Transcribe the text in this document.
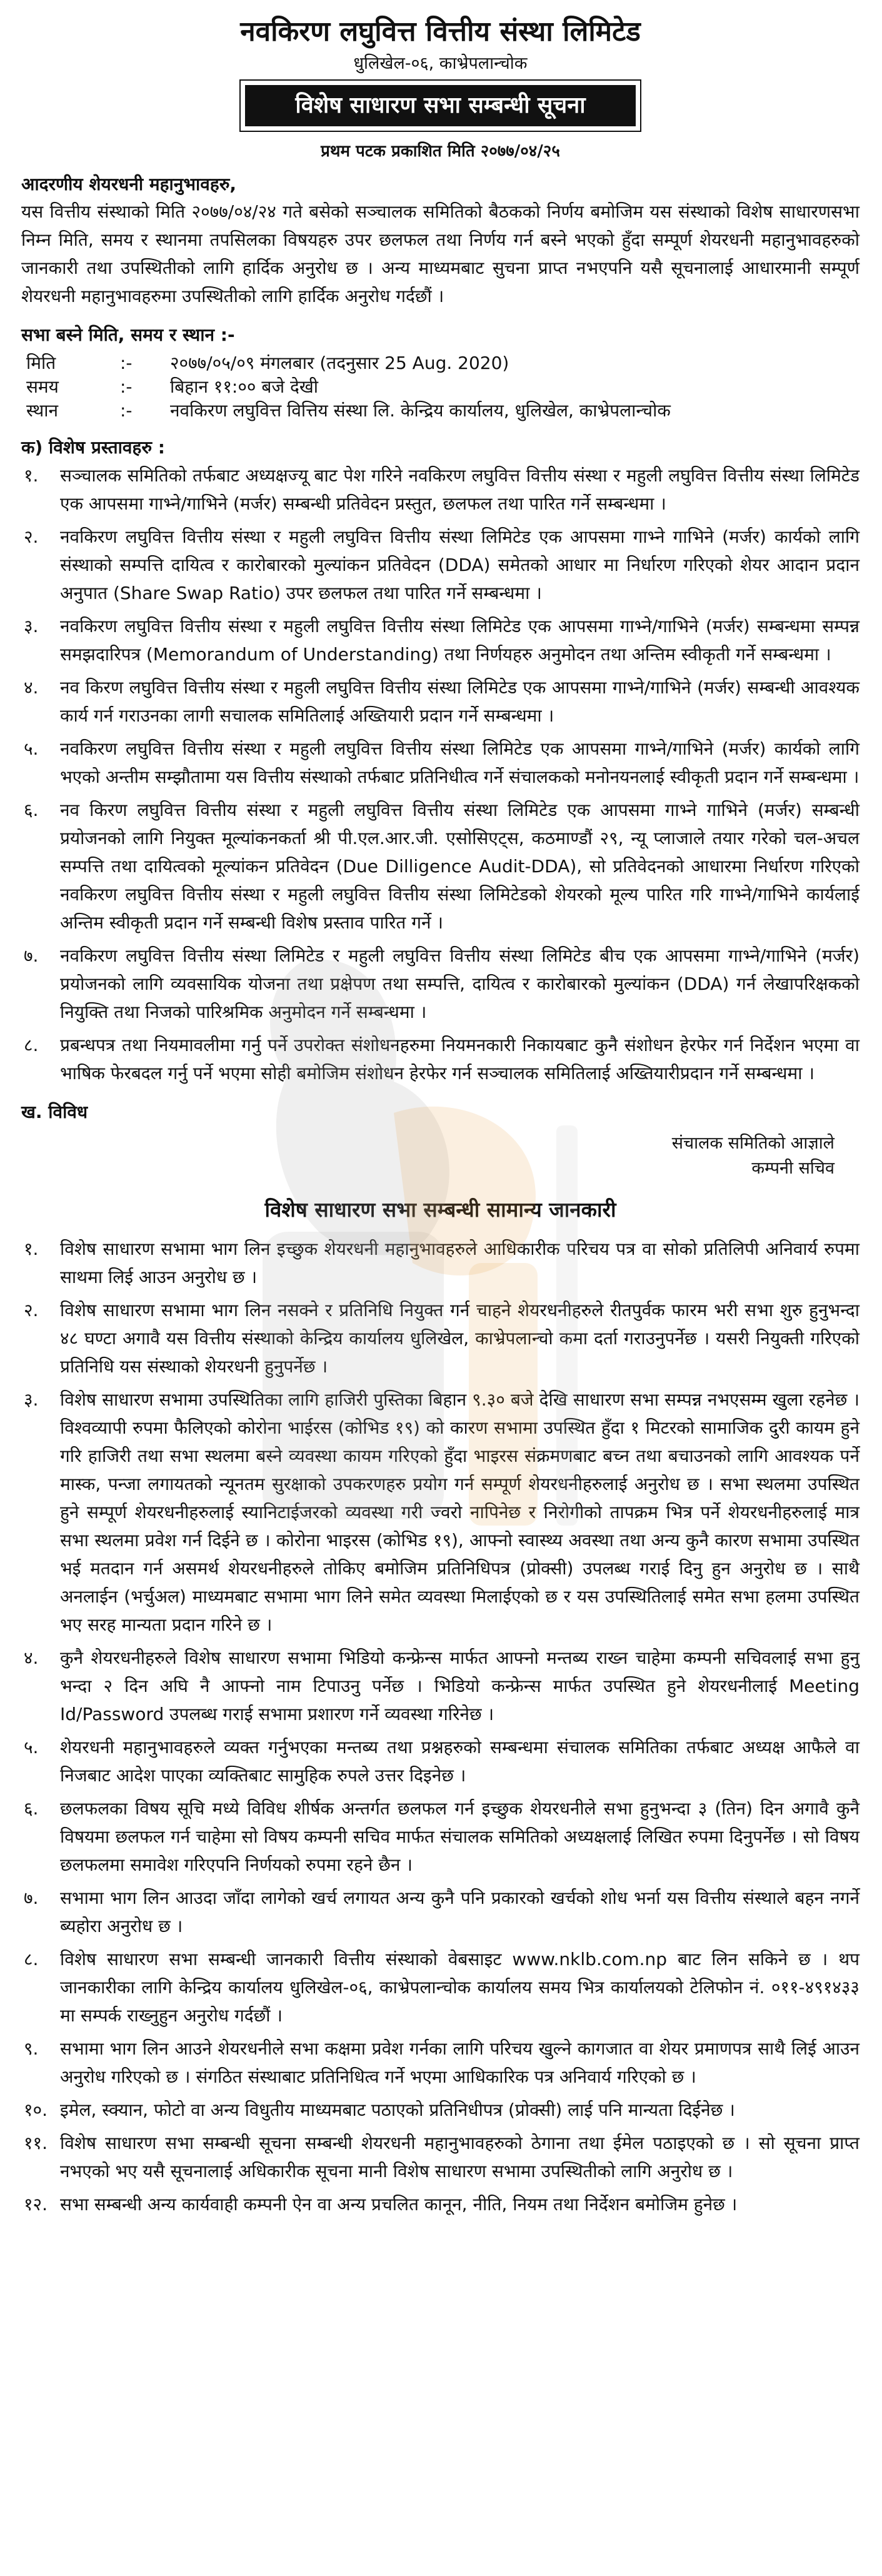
नवकिरण लघुवित्त वित्तीय संस्था लिमिटेड
धुलिखेल-०६, काभ्रेपलान्चोक
विशेष साधारण सभा सम्बन्धी सूचना
प्रथम पटक प्रकाशित मिति २०७७/०४/२५
आदरणीय शेयरधनी महानुभावहरु,
यस वित्तीय संस्थाको मिति २०७७/०४/२४ गते बसेको सञ्चालक समितिको बैठकको निर्णय बमोजिम यस संस्थाको विशेष साधारणसभा निम्न मिति, समय र स्थानमा तपसिलका विषयहरु उपर छलफल तथा निर्णय गर्न बस्ने भएको हुँदा सम्पूर्ण शेयरधनी महानुभावहरुको जानकारी तथा उपस्थितीको लागि हार्दिक अनुरोध छ । अन्य माध्यमबाट सुचना प्राप्त नभएपनि यसै सूचनालाई आधारमानी सम्पूर्ण शेयरधनी महानुभावहरुमा उपस्थितीको लागि हार्दिक अनुरोध गर्दछौं ।
सभा बस्ने मिति, समय र स्थान :-
मिति	:-	२०७७/०५/०९ मंगलबार (तदनुसार 25 Aug. 2020)
समय	:-	बिहान ११:०० बजे देखी
स्थान	:-	नवकिरण लघुवित्त वित्तिय संस्था लि. केन्द्रिय कार्यालय, धुलिखेल, काभ्रेपलान्चोक
क) विशेष प्रस्तावहरु :
१.	सञ्चालक समितिको तर्फबाट अध्यक्षज्यू बाट पेश गरिने नवकिरण लघुवित्त वित्तीय संस्था र महुली लघुवित्त वित्तीय संस्था लिमिटेड एक आपसमा गाभ्ने/गाभिने (मर्जर) सम्बन्धी प्रतिवेदन प्रस्तुत, छलफल तथा पारित गर्ने सम्बन्धमा ।
२.	नवकिरण लघुवित्त वित्तीय संस्था र महुली लघुवित्त वित्तीय संस्था लिमिटेड एक आपसमा गाभ्ने गाभिने (मर्जर) कार्यको लागि संस्थाको सम्पत्ति दायित्व र कारोबारको मुल्यांकन प्रतिवेदन (DDA) समेतको आधार मा निर्धारण गरिएको शेयर आदान प्रदान अनुपात (Share Swap Ratio) उपर छलफल तथा पारित गर्ने सम्बन्धमा ।
३.	नवकिरण लघुवित्त वित्तीय संस्था र महुली लघुवित्त वित्तीय संस्था लिमिटेड एक आपसमा गाभ्ने/गाभिने (मर्जर) सम्बन्धमा सम्पन्न समझदारिपत्र (Memorandum of Understanding) तथा निर्णयहरु अनुमोदन तथा अन्तिम स्वीकृती गर्ने सम्बन्धमा ।
४.	नव किरण लघुवित्त वित्तीय संस्था र महुली लघुवित्त वित्तीय संस्था लिमिटेड एक आपसमा गाभ्ने/गाभिने (मर्जर) सम्बन्धी आवश्यक कार्य गर्न गराउनका लागी सचालक समितिलाई अख्तियारी प्रदान गर्ने सम्बन्धमा ।
५.	नवकिरण लघुवित्त वित्तीय संस्था र महुली लघुवित्त वित्तीय संस्था लिमिटेड एक आपसमा गाभ्ने/गाभिने (मर्जर) कार्यको लागि भएको अन्तीम सम्झौतामा यस वित्तीय संस्थाको तर्फबाट प्रतिनिधीत्व गर्ने संचालकको मनोनयनलाई स्वीकृती प्रदान गर्ने सम्बन्धमा ।
६.	नव किरण लघुवित्त वित्तीय संस्था र महुली लघुवित्त वित्तीय संस्था लिमिटेड एक आपसमा गाभ्ने गाभिने (मर्जर) सम्बन्धी प्रयोजनको लागि नियुक्त मूल्यांकनकर्ता श्री पी.एल.आर.जी. एसोसिएट्स, कठमाण्डौं २९, न्यू प्लाजाले तयार गरेको चल-अचल सम्पत्ति तथा दायित्वको मूल्यांकन प्रतिवेदन (Due Dilligence Audit-DDA), सो प्रतिवेदनको आधारमा निर्धारण गरिएको नवकिरण लघुवित्त वित्तीय संस्था र महुली लघुवित्त वित्तीय संस्था लिमिटेडको शेयरको मूल्य पारित गरि गाभ्ने/गाभिने कार्यलाई अन्तिम स्वीकृती प्रदान गर्ने सम्बन्धी विशेष प्रस्ताव पारित गर्ने ।
७.	नवकिरण लघुवित्त वित्तीय संस्था लिमिटेड र महुली लघुवित्त वित्तीय संस्था लिमिटेड बीच एक आपसमा गाभ्ने/गाभिने (मर्जर) प्रयोजनको लागि व्यवसायिक योजना तथा प्रक्षेपण तथा सम्पत्ति, दायित्व र कारोबारको मुल्यांकन (DDA) गर्न लेखापरिक्षकको नियुक्ति तथा निजको पारिश्रमिक अनुमोदन गर्ने सम्बन्धमा ।
८.	प्रबन्धपत्र तथा नियमावलीमा गर्नु पर्ने उपरोक्त संशोधनहरुमा नियमनकारी निकायबाट कुनै संशोधन हेरफेर गर्न निर्देशन भएमा वा भाषिक फेरबदल गर्नु पर्ने भएमा सोही बमोजिम संशोधन हेरफेर गर्न सञ्चालक समितिलाई अख्तियारीप्रदान गर्ने सम्बन्धमा ।
ख. विविध
संचालक समितिको आज्ञाले
कम्पनी सचिव
विशेष साधारण सभा सम्बन्धी सामान्य जानकारी
१.	विशेष साधारण सभामा भाग लिन इच्छुक शेयरधनी महानुभावहरुले आधिकारीक परिचय पत्र वा सोको प्रतिलिपी अनिवार्य रुपमा साथमा लिई आउन अनुरोध छ ।
२.	विशेष साधारण सभामा भाग लिन नसक्ने र प्रतिनिधि नियुक्त गर्न चाहने शेयरधनीहरुले रीतपुर्वक फारम भरी सभा शुरु हुनुभन्दा ४८ घण्टा अगावै यस वित्तीय संस्थाको केन्द्रिय कार्यालय धुलिखेल, काभ्रेपलान्चो कमा दर्ता गराउनुपर्नेछ । यसरी नियुक्ती गरिएको प्रतिनिधि यस संस्थाको शेयरधनी हुनुपर्नेछ ।
३.	विशेष साधारण सभामा उपस्थितिका लागि हाजिरी पुस्तिका बिहान ९.३० बजे देखि साधारण सभा सम्पन्न नभएसम्म खुला रहनेछ । विश्वव्यापी रुपमा फैलिएको कोरोना भाईरस (कोभिड १९) को कारण सभामा उपस्थित हुँदा १ मिटरको सामाजिक दुरी कायम हुने गरि हाजिरी तथा सभा स्थलमा बस्ने व्यवस्था कायम गरिएको हुँदा भाइरस संक्रमणबाट बच्न तथा बचाउनको लागि आवश्यक पर्ने मास्क, पन्जा लगायतको न्यूनतम सुरक्षाको उपकरणहरु प्रयोग गर्न सम्पूर्ण शेयरधनीहरुलाई अनुरोध छ । सभा स्थलमा उपस्थित हुने सम्पूर्ण शेयरधनीहरुलाई स्यानिटाईजरको व्यवस्था गरी ज्वरो नापिनेछ र निरोगीको तापक्रम भित्र पर्ने शेयरधनीहरुलाई मात्र सभा स्थलमा प्रवेश गर्न दिईने छ । कोरोना भाइरस (कोभिड १९), आफ्नो स्वास्थ्य अवस्था तथा अन्य कुनै कारण सभामा उपस्थित भई मतदान गर्न असमर्थ शेयरधनीहरुले तोकिए बमोजिम प्रतिनिधिपत्र (प्रोक्सी) उपलब्ध गराई दिनु हुन अनुरोध छ । साथै अनलाईन (भर्चुअल) माध्यमबाट सभामा भाग लिने समेत व्यवस्था मिलाईएको छ र यस उपस्थितिलाई समेत सभा हलमा उपस्थित भए सरह मान्यता प्रदान गरिने छ ।
४.	कुनै शेयरधनीहरुले विशेष साधारण सभामा भिडियो कन्फ्रेन्स मार्फत आफ्नो मन्तब्य राख्न चाहेमा कम्पनी सचिवलाई सभा हुनु भन्दा २ दिन अघि नै आफ्नो नाम टिपाउनु पर्नेछ । भिडियो कन्फ्रेन्स मार्फत उपस्थित हुने शेयरधनीलाई Meeting Id/Password उपलब्ध गराई सभामा प्रशारण गर्ने व्यवस्था गरिनेछ ।
५.	शेयरधनी महानुभावहरुले व्यक्त गर्नुभएका मन्तब्य तथा प्रश्नहरुको सम्बन्धमा संचालक समितिका तर्फबाट अध्यक्ष आफैले वा निजबाट आदेश पाएका व्यक्तिबाट सामुहिक रुपले उत्तर दिइनेछ ।
६.	छलफलका विषय सूचि मध्ये विविध शीर्षक अन्तर्गत छलफल गर्न इच्छुक शेयरधनीले सभा हुनुभन्दा ३ (तिन) दिन अगावै कुनै विषयमा छलफल गर्न चाहेमा सो विषय कम्पनी सचिव मार्फत संचालक समितिको अध्यक्षलाई लिखित रुपमा दिनुपर्नेछ । सो विषय छलफलमा समावेश गरिएपनि निर्णयको रुपमा रहने छैन ।
७.	सभामा भाग लिन आउदा जाँदा लागेको खर्च लगायत अन्य कुनै पनि प्रकारको खर्चको शोध भर्ना यस वित्तीय संस्थाले बहन नगर्ने ब्यहोरा अनुरोध छ ।
८.	विशेष साधारण सभा सम्बन्धी जानकारी वित्तीय संस्थाको वेबसाइट www.nklb.com.np बाट लिन सकिने छ । थप जानकारीका लागि केन्द्रिय कार्यालय धुलिखेल-०६, काभ्रेपलान्चोक कार्यालय समय भित्र कार्यालयको टेलिफोन नं. ०११-४९१४३३ मा सम्पर्क राख्नुहुन अनुरोध गर्दछौं ।
९.	सभामा भाग लिन आउने शेयरधनीले सभा कक्षमा प्रवेश गर्नका लागि परिचय खुल्ने कागजात वा शेयर प्रमाणपत्र साथै लिई आउन अनुरोध गरिएको छ । संगठित संस्थाबाट प्रतिनिधित्व गर्ने भएमा आधिकारिक पत्र अनिवार्य गरिएको छ ।
१०. इमेल, स्क्यान, फोटो वा अन्य विधुतीय माध्यमबाट पठाएको प्रतिनिधीपत्र (प्रोक्सी) लाई पनि मान्यता दिईनेछ ।
११. विशेष साधारण सभा सम्बन्धी सूचना सम्बन्धी शेयरधनी महानुभावहरुको ठेगाना तथा ईमेल पठाइएको छ । सो सूचना प्राप्त नभएको भए यसै सूचनालाई अधिकारीक सूचना मानी विशेष साधारण सभामा उपस्थितीको लागि अनुरोध छ ।
१२. सभा सम्बन्धी अन्य कार्यवाही कम्पनी ऐन वा अन्य प्रचलित कानून, नीति, नियम तथा निर्देशन बमोजिम हुनेछ ।
